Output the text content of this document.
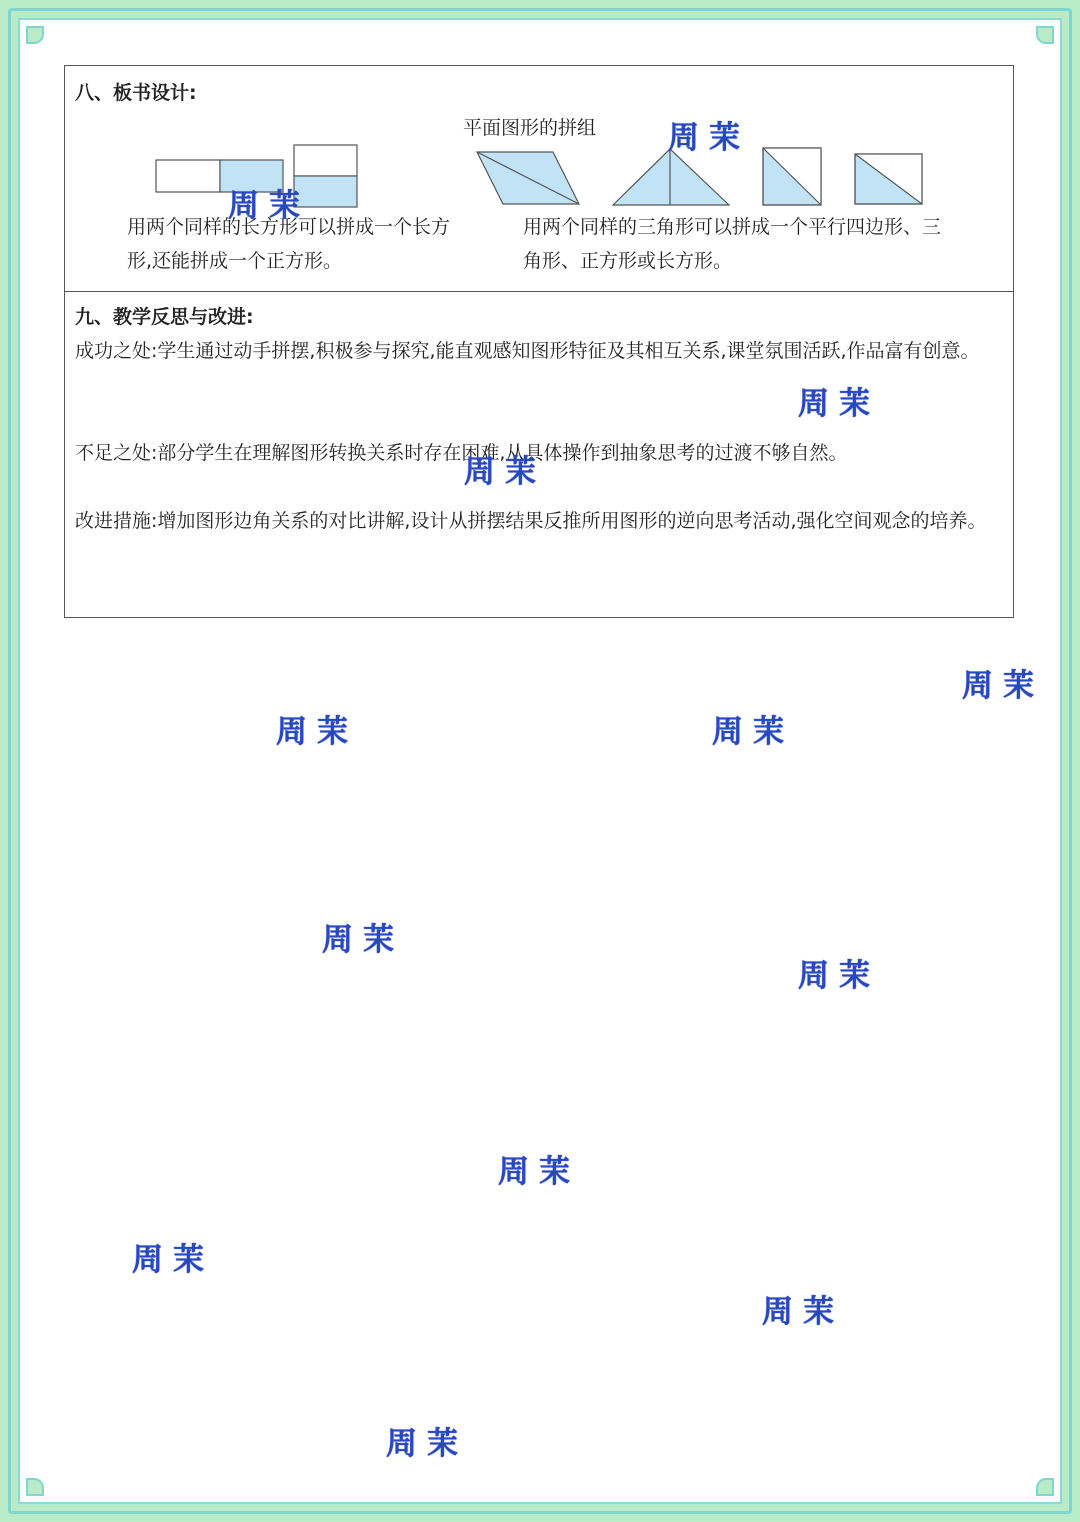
八、板书设计:
平面图形的拼组
用两个同样的长方形可以拼成一个长方形,还能拼成一个正方形。
用两个同样的三角形可以拼成一个平行四边形、三角形、正方形或长方形。

九、教学反思与改进:
成功之处:学生通过动手拼摆,积极参与探究,能直观感知图形特征及其相互关系,课堂氛围活跃,作品富有创意。
不足之处:部分学生在理解图形转换关系时存在困难,从具体操作到抽象思考的过渡不够自然。
改进措施:增加图形边角关系的对比讲解,设计从拼摆结果反推所用图形的逆向思考活动,强化空间观念的培养。
周茉
周茉
周茉
周茉
周茉
周茉	周茉
周茉
周茉
周茉
周茉
周茉
周茉
